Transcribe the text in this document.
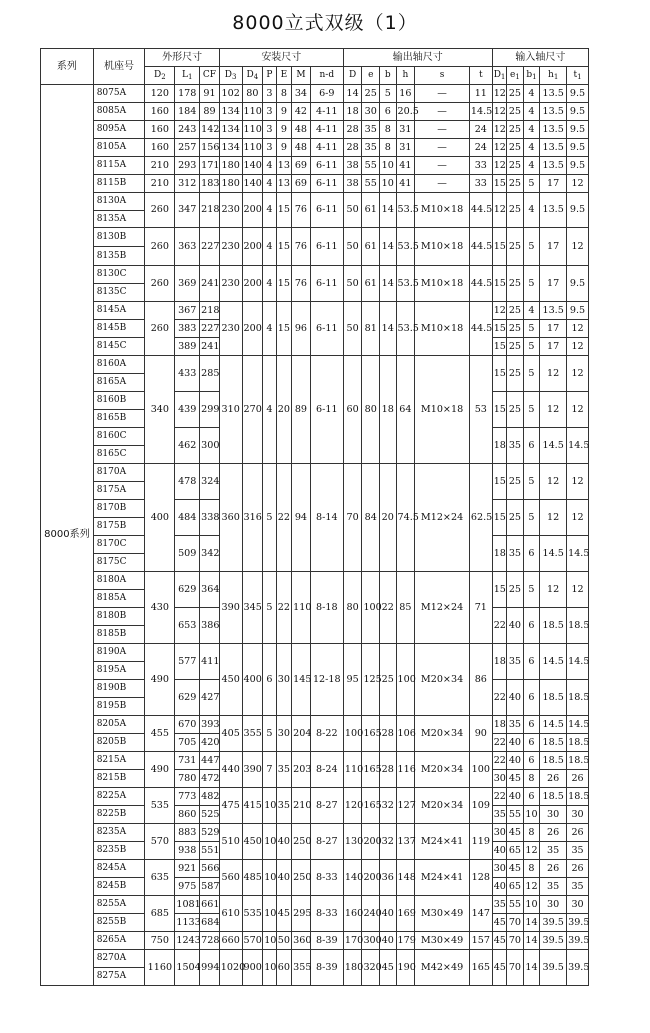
8000立式双级（1）
系列	机座号	外形尺寸			安装尺寸						输出轴尺寸						输入轴尺寸				
		$D_2$	$L_1$	CF	$D_3$	$D_4$	P	E	M	n-d	D	e	b	h	s	t	$D_1$	$e_1$	$b_1$	$h_1$	$t_1$
8000系列	8075A	120	178	91	102	80	3	8	34	6-9	14	25	5	16	—	11	12	25	4	13.5	9.5
	8085A	160	184	89	134	110	3	9	42	4-11	18	30	6	20.5	—	14.5	12	25	4	13.5	9.5
	8095A	160	243	142	134	110	3	9	48	4-11	28	35	8	31	—	24	12	25	4	13.5	9.5
	8105A	160	257	156	134	110	3	9	48	4-11	28	35	8	31	—	24	12	25	4	13.5	9.5
	8115A	210	293	171	180	140	4	13	69	6-11	38	55	10	41	—	33	12	25	4	13.5	9.5
	8115B	210	312	183	180	140	4	13	69	6-11	38	55	10	41	—	33	15	25	5	17	12
	8130A	260	347	218	230	200	4	15	76	6-11	50	61	14	53.5	M10×18	44.5	12	25	4	13.5	9.5
	8135A																				
	8130B	260	363	227	230	200	4	15	76	6-11	50	61	14	53.5	M10×18	44.5	15	25	5	17	12
	8135B																				
	8130C	260	369	241	230	200	4	15	76	6-11	50	61	14	53.5	M10×18	44.5	15	25	5	17	9.5
	8135C																				
	8145A	260	367	218	230	200	4	15	96	6-11	50	81	14	53.5	M10×18	44.5	12	25	4	13.5	9.5
	8145B		383	227													15	25	5	17	12
	8145C		389	241													15	25	5	17	12
	8160A	340	433	285	310	270	4	20	89	6-11	60	80	18	64	M10×18	53	15	25	5	12	12
	8165A																				
	8160B		439	299													15	25	5	12	12
	8165B																				
	8160C		462	300													18	35	6	14.5	14.5
	8165C																				
	8170A	400	478	324	360	316	5	22	94	8-14	70	84	20	74.5	M12×24	62.5	15	25	5	12	12
	8175A																				
	8170B		484	338													15	25	5	12	12
	8175B																				
	8170C		509	342													18	35	6	14.5	14.5
	8175C																				
	8180A	430	629	364	390	345	5	22	110	8-18	80	100	22	85	M12×24	71	15	25	5	12	12
	8185A																				
	8180B		653	386													22	40	6	18.5	18.5
	8185B																				
	8190A	490	577	411	450	400	6	30	145	12-18	95	125	25	100	M20×34	86	18	35	6	14.5	14.5
	8195A																				
	8190B		629	427													22	40	6	18.5	18.5
	8195B																				
	8205A	455	670	393	405	355	5	30	204	8-22	100	165	28	106	M20×34	90	18	35	6	14.5	14.5
	8205B		705	420													22	40	6	18.5	18.5
	8215A	490	731	447	440	390	7	35	203	8-24	110	165	28	116	M20×34	100	22	40	6	18.5	18.5
	8215B		780	472													30	45	8	26	26
	8225A	535	773	482	475	415	10	35	210	8-27	120	165	32	127	M20×34	109	22	40	6	18.5	18.5
	8225B		860	525													35	55	10	30	30
	8235A	570	883	529	510	450	10	40	250	8-27	130	200	32	137	M24×41	119	30	45	8	26	26
	8235B		938	551													40	65	12	35	35
	8245A	635	921	566	560	485	10	40	250	8-33	140	200	36	148	M24×41	128	30	45	8	26	26
	8245B		975	587													40	65	12	35	35
	8255A	685	1081	661	610	535	10	45	295	8-33	160	240	40	169	M30×49	147	35	55	10	30	30
	8255B		1133	684													45	70	14	39.5	39.5
	8265A	750	1243	728	660	570	10	50	360	8-39	170	300	40	179	M30×49	157	45	70	14	39.5	39.5
	8270A	1160	1504	994	1020	900	10	60	355	8-39	180	320	45	190	M42×49	165	45	70	14	39.5	39.5
	8275A																				
